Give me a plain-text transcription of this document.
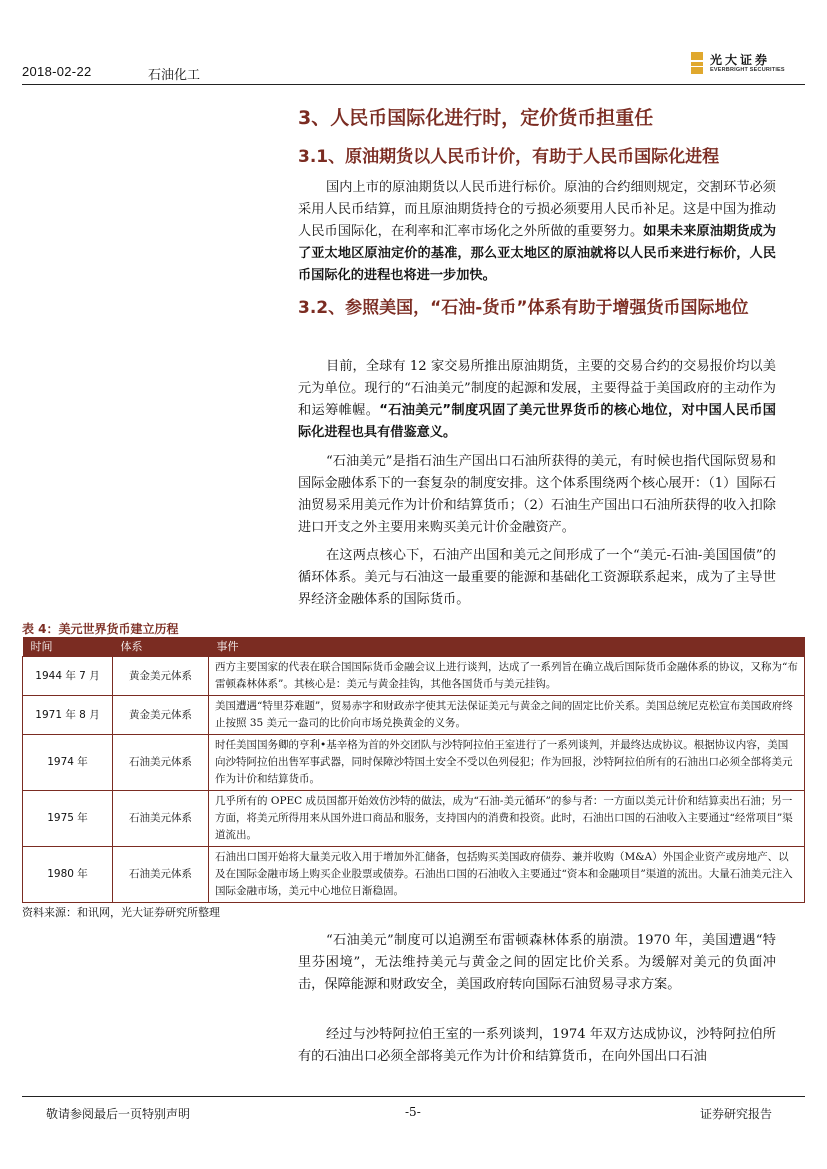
2018-02-22	石油化工
光大证券
EVERBRIGHT SECURITIES
3、人民币国际化进行时，定价货币担重任
3.1、原油期货以人民币计价，有助于人民币国际化进程

国内上市的原油期货以人民币进行标价。原油的合约细则规定，交割环节必须采用人民币结算，而且原油期货持仓的亏损必须要用人民币补足。这是中国为推动人民币国际化，在利率和汇率市场化之外所做的重要努力。如果未来原油期货成为了亚太地区原油定价的基准，那么亚太地区的原油就将以人民币来进行标价，人民币国际化的进程也将进一步加快。

3.2、参照美国，“石油-货币”体系有助于增强货币国际地位

目前，全球有 12 家交易所推出原油期货，主要的交易合约的交易报价均以美元为单位。现行的“石油美元”制度的起源和发展，主要得益于美国政府的主动作为和运筹帷幄。“石油美元”制度巩固了美元世界货币的核心地位，对中国人民币国际化进程也具有借鉴意义。

“石油美元”是指石油生产国出口石油所获得的美元，有时候也指代国际贸易和国际金融体系下的一套复杂的制度安排。这个体系围绕两个核心展开：（1）国际石油贸易采用美元作为计价和结算货币；（2）石油生产国出口石油所获得的收入扣除进口开支之外主要用来购买美元计价金融资产。

在这两点核心下，石油产出国和美元之间形成了一个“美元-石油-美国国债”的循环体系。美元与石油这一最重要的能源和基础化工资源联系起来，成为了主导世界经济金融体系的国际货币。

表 4：美元世界货币建立历程
时间	体系	事件
1944 年 7 月	黄金美元体系	西方主要国家的代表在联合国国际货币金融会议上进行谈判，达成了一系列旨在确立战后国际货币金融体系的协议，又称为“布雷顿森林体系”。其核心是：美元与黄金挂钩，其他各国货币与美元挂钩。
1971 年 8 月	黄金美元体系	美国遭遇“特里芬难题”，贸易赤字和财政赤字使其无法保证美元与黄金之间的固定比价关系。美国总统尼克松宣布美国政府终止按照 35 美元一盎司的比价向市场兑换黄金的义务。
1974 年	石油美元体系	时任美国国务卿的亨利•基辛格为首的外交团队与沙特阿拉伯王室进行了一系列谈判，并最终达成协议。根据协议内容，美国向沙特阿拉伯出售军事武器，同时保障沙特国土安全不受以色列侵犯；作为回报，沙特阿拉伯所有的石油出口必须全部将美元作为计价和结算货币。
1975 年	石油美元体系	几乎所有的 OPEC 成员国都开始效仿沙特的做法，成为“石油-美元循环”的参与者：一方面以美元计价和结算卖出石油；另一方面，将美元所得用来从国外进口商品和服务，支持国内的消费和投资。此时，石油出口国的石油收入主要通过“经常项目”渠道流出。
1980 年	石油美元体系	石油出口国开始将大量美元收入用于增加外汇储备，包括购买美国政府债券、兼并收购（M&A）外国企业资产或房地产、以及在国际金融市场上购买企业股票或债券。石油出口国的石油收入主要通过“资本和金融项目”渠道的流出。大量石油美元注入国际金融市场，美元中心地位日渐稳固。
资料来源：和讯网，光大证券研究所整理

“石油美元”制度可以追溯至布雷顿森林体系的崩溃。1970 年，美国遭遇“特里芬困境”，无法维持美元与黄金之间的固定比价关系。为缓解对美元的负面冲击，保障能源和财政安全，美国政府转向国际石油贸易寻求方案。

经过与沙特阿拉伯王室的一系列谈判，1974 年双方达成协议，沙特阿拉伯所有的石油出口必须全部将美元作为计价和结算货币，在向外国出口石油

敬请参阅最后一页特别声明	-5-	证券研究报告
